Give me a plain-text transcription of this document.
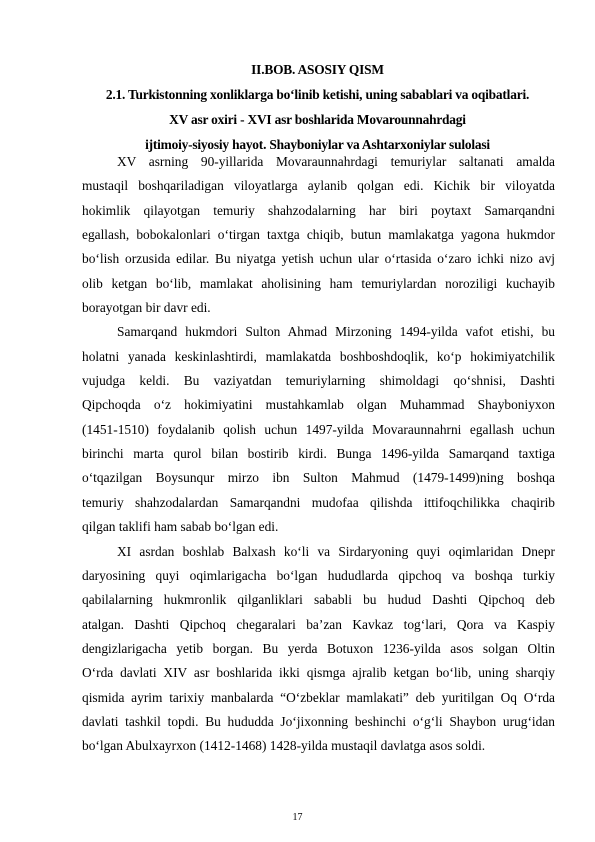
II.BOB. ASOSIY QISM
2.1. Turkistonning xonliklarga bo‘linib ketishi, uning sabablari va oqibatlari.
XV asr oxiri - XVI asr boshlarida Movarounnahrdagi
ijtimoiy-siyosiy hayot. Shayboniylar va Ashtarxoniylar sulolasi
XV asrning 90-yillarida Movaraunnahrdagi temuriylar saltanati amalda
mustaqil boshqariladigan viloyatlarga aylanib qolgan edi. Kichik bir viloyatda
hokimlik qilayotgan temuriy shahzodalarning har biri poytaxt Samarqandni
egallash, bobokalonlari o‘tirgan taxtga chiqib, butun mamlakatga yagona hukmdor
bo‘lish orzusida edilar. Bu niyatga yetish uchun ular o‘rtasida o‘zaro ichki nizo avj
olib ketgan bo‘lib, mamlakat aholisining ham temuriylardan noroziligi kuchayib
borayotgan bir davr edi.
Samarqand hukmdori Sulton Ahmad Mirzoning 1494-yilda vafot etishi, bu
holatni yanada keskinlashtirdi, mamlakatda boshboshdoqlik, ko‘p hokimiyatchilik
vujudga keldi. Bu vaziyatdan temuriylarning shimoldagi qo‘shnisi, Dashti
Qipchoqda o‘z hokimiyatini mustahkamlab olgan Muhammad Shayboniyxon
(1451-1510) foydalanib qolish uchun 1497-yilda Movaraunnahrni egallash uchun
birinchi marta qurol bilan bostirib kirdi. Bunga 1496-yilda Samarqand taxtiga
o‘tqazilgan Boysunqur mirzo ibn Sulton Mahmud (1479-1499)ning boshqa
temuriy shahzodalardan Samarqandni mudofaa qilishda ittifoqchilikka chaqirib
qilgan taklifi ham sabab bo‘lgan edi.
XI asrdan boshlab Balxash ko‘li va Sirdaryoning quyi oqimlaridan Dnepr
daryosining quyi oqimlarigacha bo‘lgan hududlarda qipchoq va boshqa turkiy
qabilalarning hukmronlik qilganliklari sababli bu hudud Dashti Qipchoq deb
atalgan. Dashti Qipchoq chegaralari ba’zan Kavkaz tog‘lari, Qora va Kaspiy
dengizlarigacha yetib borgan. Bu yerda Botuxon 1236-yilda asos solgan Oltin
O‘rda davlati XIV asr boshlarida ikki qismga ajralib ketgan bo‘lib, uning sharqiy
qismida ayrim tarixiy manbalarda “O‘zbeklar mamlakati” deb yuritilgan Oq O‘rda
davlati tashkil topdi. Bu hududda Jo‘jixonning beshinchi o‘g‘li Shaybon urug‘idan
bo‘lgan Abulxayrxon (1412-1468) 1428-yilda mustaqil davlatga asos soldi.
17
